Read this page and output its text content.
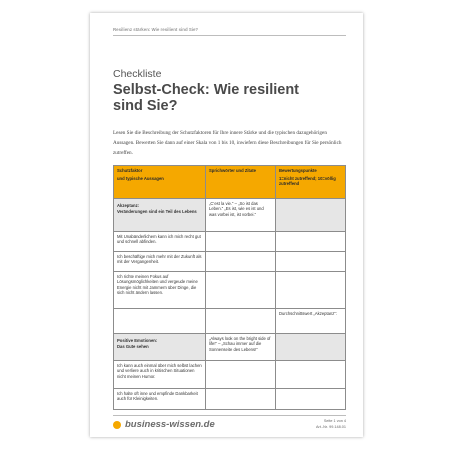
Resilienz stärken: Wie resilient sind Sie?
Checkliste
Selbst-Check: Wie resilient sind Sie?
Lesen Sie die Beschreibung der Schutzfaktoren für Ihre innere Stärke und die typischen dazugehörigen Aussagen. Bewerten Sie dann auf einer Skala von 1 bis 10, inwiefern diese Beschreibungen für Sie persönlich zutreffen.
Schutzfaktor
und typische Aussagen	Sprichwörter und Zitate	Bewertungspunkte
1=nicht zutreffend; 10=völlig zutreffend

Akzeptanz:
Veränderungen sind ein Teil des Lebens	„C’est la vie.“ – „So ist das Leben.“ „Es ist, wie es ist und was vorbei ist, ist vorbei.“	
Mit Unabänderlichem kann ich mich recht gut und schnell abfinden.		
Ich beschäftige mich mehr mit der Zukunft als mit der Vergangenheit.		
Ich richte meinen Fokus auf Lösungsmöglichkeiten und vergeude meine Energie nicht mit Jammern über Dinge, die sich nicht ändern lassen.		
		Durchschnittswert „Akzeptanz“:

Positive Emotionen:
Das Gute sehen	„Always look on the bright side of life!“ – „Schau immer auf die Sonnenseite des Lebens!“	
Ich kann auch einmal über mich selbst lachen und verliere auch in kritischen Situationen nicht meinen Humor.		
Ich halte oft inne und empfinde Dankbarkeit auch für Kleinigkeiten.		
business-wissen.de	Seite 1 von 4
Art.-Nr. 99.148.01
